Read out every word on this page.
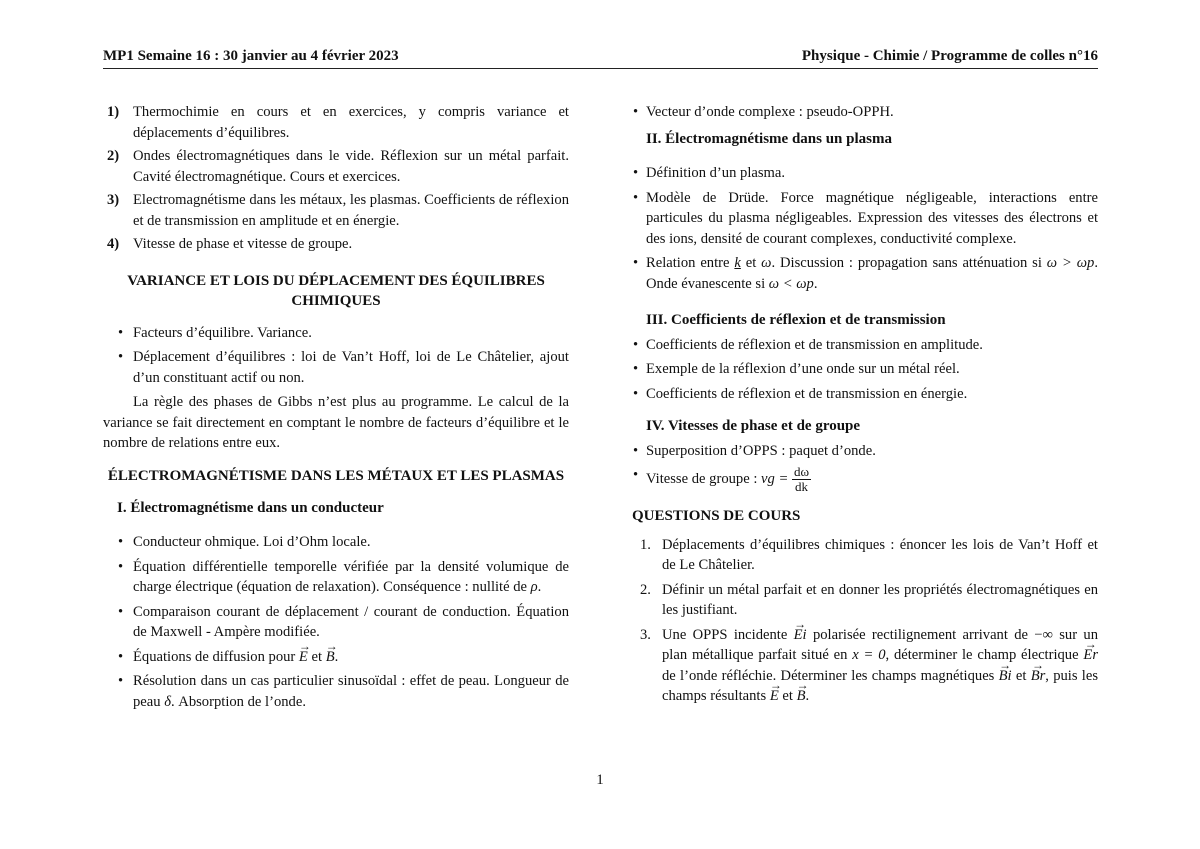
MP1 Semaine 16 : 30 janvier au 4 février 2023	Physique - Chimie / Programme de colles n°16
1) Thermochimie en cours et en exercices, y compris variance et déplacements d’équilibres.
2) Ondes électromagnétiques dans le vide. Réflexion sur un métal parfait. Cavité électromagnétique. Cours et exercices.
3) Electromagnétisme dans les métaux, les plasmas. Coefficients de réflexion et de transmission en amplitude et en énergie.
4) Vitesse de phase et vitesse de groupe.
VARIANCE ET LOIS DU DÉPLACEMENT DES ÉQUILIBRES CHIMIQUES
• Facteurs d’équilibre. Variance.
• Déplacement d’équilibres : loi de Van’t Hoff, loi de Le Châtelier, ajout d’un constituant actif ou non.

La règle des phases de Gibbs n’est plus au programme. Le calcul de la variance se fait directement en comptant le nombre de facteurs d’équilibre et le nombre de relations entre eux.

ÉLECTROMAGNÉTISME DANS LES MÉTAUX ET LES PLASMAS
I. Électromagnétisme dans un conducteur
• Conducteur ohmique. Loi d’Ohm locale.
• Équation différentielle temporelle vérifiée par la densité volumique de charge électrique (équation de relaxation). Conséquence : nullité de ρ.
• Comparaison courant de déplacement / courant de conduction. Équation de Maxwell - Ampère modifiée.
• Équations de diffusion pour → E et → B.
• Résolution dans un cas particulier sinusoïdal : effet de peau. Longueur de peau δ. Absorption de l’onde.
• Vecteur d’onde complexe : pseudo-OPPH.
II. Électromagnétisme dans un plasma
• Définition d’un plasma.
• Modèle de Drüde. Force magnétique négligeable, interactions entre particules du plasma négligeables. Expression des vitesses des électrons et des ions, densité de courant complexes, conductivité complexe.
• Relation entre k et ω. Discussion : propagation sans atténuation si ω > ωp. Onde évanescente si ω < ωp.
III. Coefficients de réflexion et de transmission
• Coefficients de réflexion et de transmission en amplitude.
• Exemple de la réflexion d’une onde sur un métal réel.
• Coefficients de réflexion et de transmission en énergie.
IV. Vitesses de phase et de groupe
• Superposition d’OPPS : paquet d’onde.
• Vitesse de groupe : vg = $\frac{d\omega}{dk}$
QUESTIONS DE COURS
1. Déplacements d’équilibres chimiques : énoncer les lois de Van’t Hoff et de Le Châtelier.
2. Définir un métal parfait et en donner les propriétés électromagnétiques en les justifiant.
3. Une OPPS incidente → Ei polarisée rectilignement arrivant de −∞ sur un plan métallique parfait situé en x = 0, déterminer le champ électrique → Er de l’onde réfléchie. Déterminer les champs magnétiques → Bi et → Br, puis les champs résultants → E et → B.
1
